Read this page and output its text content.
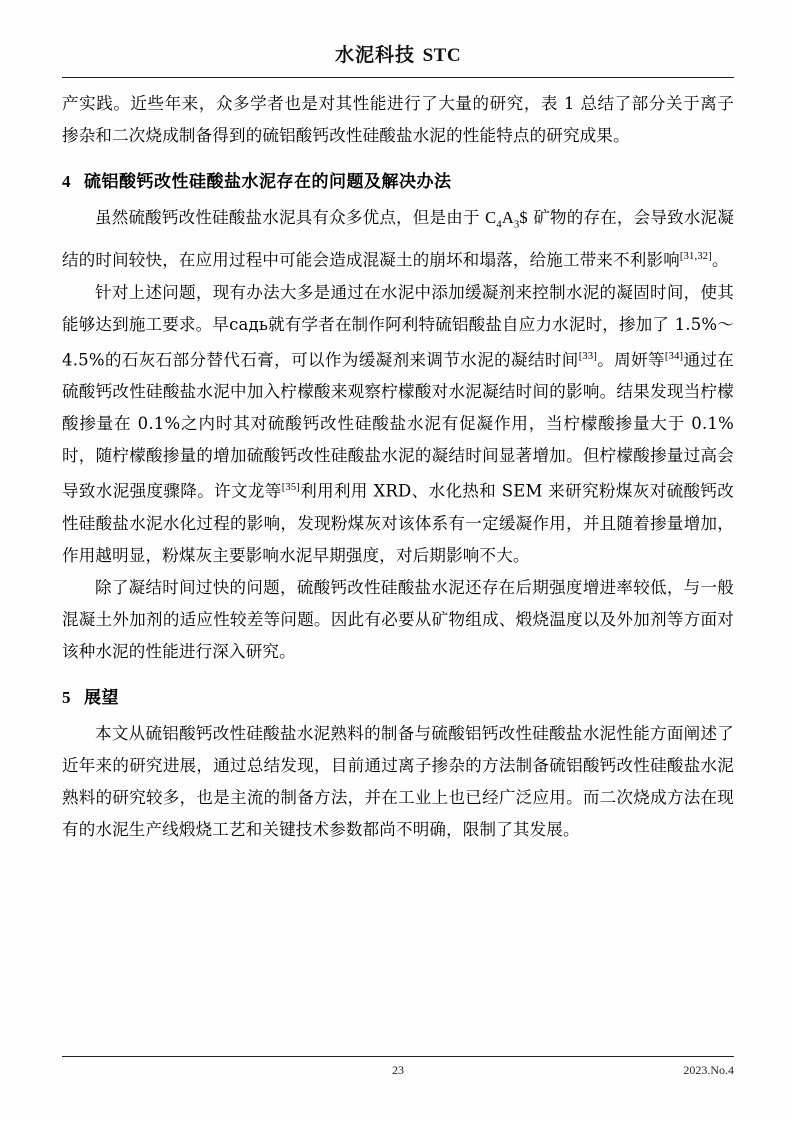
水泥科技 STC

产实践。近些年来，众多学者也是对其性能进行了大量的研究，表 1 总结了部分关于离子掺杂和二次烧成制备得到的硫铝酸钙改性硅酸盐水泥的性能特点的研究成果。

4 硫铝酸钙改性硅酸盐水泥存在的问题及解决办法

虽然硫酸钙改性硅酸盐水泥具有众多优点，但是由于 $C_4A_3\$$ 矿物的存在，会导致水泥凝结的时间较快，在应用过程中可能会造成混凝土的崩坏和塌落，给施工带来不利影响[31,32]。

针对上述问题，现有办法大多是通过在水泥中添加缓凝剂来控制水泥的凝固时间，使其能够达到施工要求。早садь就有学者在制作阿利特硫铝酸盐自应力水泥时，掺加了 1.5%～4.5%的石灰石部分替代石膏，可以作为缓凝剂来调节水泥的凝结时间[33]。周妍等[34]通过在硫酸钙改性硅酸盐水泥中加入柠檬酸来观察柠檬酸对水泥凝结时间的影响。结果发现当柠檬酸掺量在 0.1%之内时其对硫酸钙改性硅酸盐水泥有促凝作用，当柠檬酸掺量大于 0.1%时，随柠檬酸掺量的增加硫酸钙改性硅酸盐水泥的凝结时间显著增加。但柠檬酸掺量过高会导致水泥强度骤降。许文龙等[35]利用利用 XRD、水化热和 SEM 来研究粉煤灰对硫酸钙改性硅酸盐水泥水化过程的影响，发现粉煤灰对该体系有一定缓凝作用，并且随着掺量增加，作用越明显，粉煤灰主要影响水泥早期强度，对后期影响不大。

除了凝结时间过快的问题，硫酸钙改性硅酸盐水泥还存在后期强度增进率较低，与一般混凝土外加剂的适应性较差等问题。因此有必要从矿物组成、煅烧温度以及外加剂等方面对该种水泥的性能进行深入研究。

5 展望

本文从硫铝酸钙改性硅酸盐水泥熟料的制备与硫酸铝钙改性硅酸盐水泥性能方面阐述了近年来的研究进展，通过总结发现，目前通过离子掺杂的方法制备硫铝酸钙改性硅酸盐水泥熟料的研究较多，也是主流的制备方法，并在工业上也已经广泛应用。而二次烧成方法在现有的水泥生产线煅烧工艺和关键技术参数都尚不明确，限制了其发展。

23	2023.No.4
